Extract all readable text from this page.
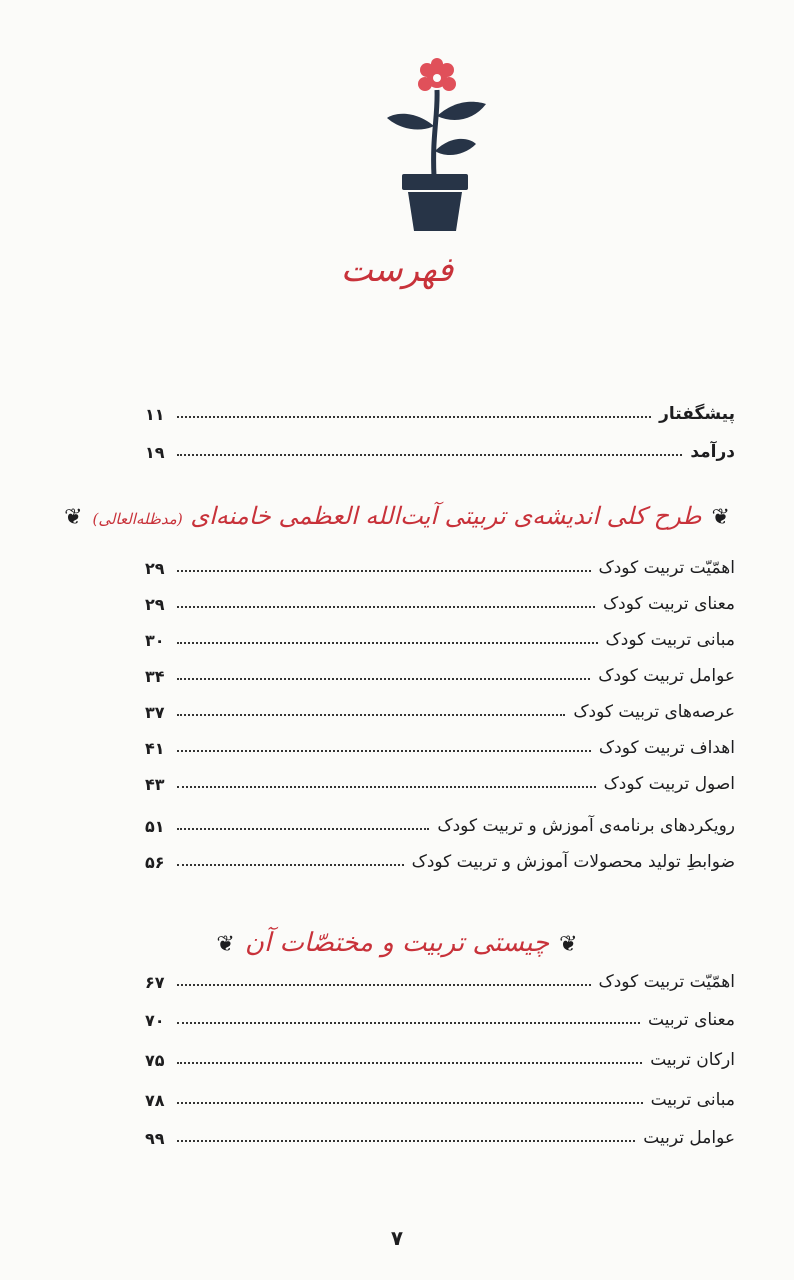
فهرست
پیشگفتار
۱۱
درآمد
۱۹
❦طرح کلی اندیشه‌ی تربیتی آیت‌الله العظمی خامنه‌ای (مدظله‌العالی)❦
اهمّیّت تربیت کودک
۲۹
معنای تربیت کودک
۲۹
مبانی تربیت کودک
۳۰
عوامل تربیت کودک
۳۴
عرصه‌های تربیت کودک
۳۷
اهداف تربیت کودک
۴۱
اصول تربیت کودک
۴۳
رویکردهای برنامه‌ی آموزش و تربیت کودک
۵۱
ضوابطِ تولید محصولات آموزش و تربیت کودک
۵۶
❦چیستی تربیت و مختصّات آن❦
اهمّیّت تربیت کودک
۶۷
معنای تربیت
۷۰
ارکان تربیت
۷۵
مبانی تربیت
۷۸
عوامل تربیت
۹۹
۷
